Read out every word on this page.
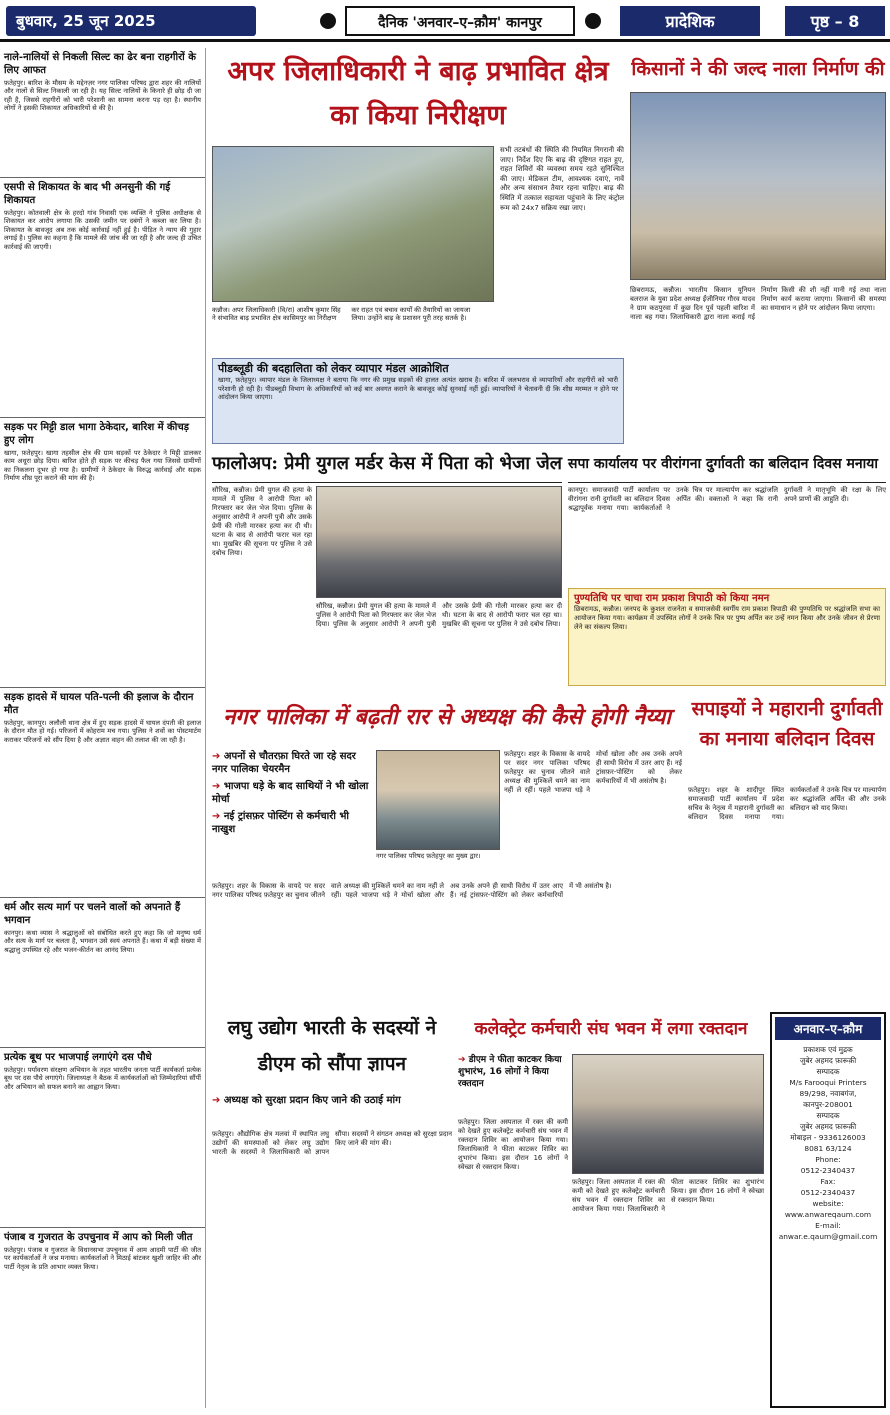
बुधवार, 25 जून 2025	दैनिक 'अनवार–ए–क़ौम' कानपुर	प्रादेशिक	पृष्ठ – 8
नाले-नालियों से निकली सिल्ट का ढेर बना राहगीरों के लिए आफत

फ़तेहपुर। बारिश के मौसम के मद्देनज़र नगर पालिका परिषद द्वारा शहर की नालियों और नालों से सिल्ट निकाली जा रही है। यह सिल्ट नालियों के किनारे ही छोड़ दी जा रही है, जिससे राहगीरों को भारी परेशानी का सामना करना पड़ रहा है। स्थानीय लोगों ने इसकी शिकायत अधिकारियों से की है।

एसपी से शिकायत के बाद भी अनसुनी की गई शिकायत

फ़तेहपुर। कोतवाली क्षेत्र के हरदो गांव निवासी एक व्यक्ति ने पुलिस अधीक्षक से शिकायत कर आरोप लगाया कि उसकी जमीन पर दबंगों ने कब्जा कर लिया है। शिकायत के बावजूद अब तक कोई कार्रवाई नहीं हुई है। पीड़ित ने न्याय की गुहार लगाई है। पुलिस का कहना है कि मामले की जांच की जा रही है और जल्द ही उचित कार्रवाई की जाएगी।

सड़क पर मिट्टी डाल भागा ठेकेदार, बारिश में कीचड़ हुए लोग

खागा, फ़तेहपुर। खागा तहसील क्षेत्र की ग्राम सड़कों पर ठेकेदार ने मिट्टी डालकर काम अधूरा छोड़ दिया। बारिश होते ही सड़क पर कीचड़ फैल गया जिससे ग्रामीणों का निकलना दूभर हो गया है। ग्रामीणों ने ठेकेदार के विरुद्ध कार्रवाई और सड़क निर्माण शीघ्र पूरा कराने की मांग की है।

सड़क हादसे में घायल पति-पत्नी की इलाज के दौरान मौत

फ़तेहपुर, कानपुर। ललौली थाना क्षेत्र में हुए सड़क हादसे में घायल दंपती की इलाज के दौरान मौत हो गई। परिजनों में कोहराम मच गया। पुलिस ने शवों का पोस्टमार्टम कराकर परिजनों को सौंप दिया है और अज्ञात वाहन की तलाश की जा रही है।

धर्म और सत्य मार्ग पर चलने वालों को अपनाते हैं भगवान

कानपुर। कथा व्यास ने श्रद्धालुओं को संबोधित करते हुए कहा कि जो मनुष्य धर्म और सत्य के मार्ग पर चलता है, भगवान उसे स्वयं अपनाते हैं। कथा में बड़ी संख्या में श्रद्धालु उपस्थित रहे और भजन-कीर्तन का आनंद लिया।

प्रत्येक बूथ पर भाजपाई लगाएंगे दस पौधे

फ़तेहपुर। पर्यावरण संरक्षण अभियान के तहत भारतीय जनता पार्टी कार्यकर्ता प्रत्येक बूथ पर दस पौधे लगाएंगे। जिलाध्यक्ष ने बैठक में कार्यकर्ताओं को जिम्मेदारियां सौंपीं और अभियान को सफल बनाने का आह्वान किया।

पंजाब व गुजरात के उपचुनाव में आप को मिली जीत

फ़तेहपुर। पंजाब व गुजरात के विधानसभा उपचुनाव में आम आदमी पार्टी की जीत पर कार्यकर्ताओं ने जश्न मनाया। कार्यकर्ताओं ने मिठाई बांटकर खुशी जाहिर की और पार्टी नेतृत्व के प्रति आभार व्यक्त किया।

अपर जिलाधिकारी ने बाढ़ प्रभावित क्षेत्र का किया निरीक्षण
सभी तटबंधों की स्थिति की नियमित निगरानी की जाए। निर्देश दिए कि बाढ़ की दृष्टिगत राहत हुए, राहत शिविरों की व्यवस्था समय रहते सुनिश्चित की जाए। मेडिकल टीम, आवश्यक दवाएं, नावें और अन्य संसाधन तैयार रहना चाहिए। बाढ़ की स्थिति में तत्काल सहायता पहुंचाने के लिए कंट्रोल रूम को 24x7 सक्रिय रखा जाए।
कन्नौज। अपर जिलाधिकारी (वि/रा) आशीष कुमार सिंह ने संभावित बाढ़ प्रभावित क्षेत्र कासिमपुर का निरीक्षण कर राहत एवं बचाव कार्यों की तैयारियों का जायजा लिया। उन्होंने बाढ़ के प्रशासन पूरी तरह सतर्क है।
किसानों ने की जल्द नाला निर्माण की
छिबरामऊ, कन्नौज। भारतीय किसान यूनियन बलराज के युवा प्रदेश अध्यक्ष ईंजीनियर गौरव यादव ने ग्राम कठपुरवा में कुछ दिन पूर्व पहली बारिश में नाला बह गया। जिलाधिकारी द्वारा नाला कराई गई निर्माण किसी की शी नहीं मानी गई तथा नाला निर्माण कार्य कराया जाएगा। किसानों की समस्या का समाधान न होने पर आंदोलन किया जाएगा।
पीडब्लूडी की बदहालिता को लेकर व्यापार मंडल आक्रोशित
खागा, फ़तेहपुर। व्यापार मंडल के जिलाध्यक्ष ने बताया कि नगर की प्रमुख सड़कों की हालत अत्यंत खराब है। बारिश में जलभराव से व्यापारियों और राहगीरों को भारी परेशानी हो रही है। पीडब्लूडी विभाग के अधिकारियों को कई बार अवगत कराने के बावजूद कोई सुनवाई नहीं हुई। व्यापारियों ने चेतावनी दी कि शीघ्र मरम्मत न होने पर आंदोलन किया जाएगा।
फालोअप: प्रेमी युगल मर्डर केस में पिता को भेजा जेल
सौरिख, कन्नौज। प्रेमी युगल की हत्या के मामले में पुलिस ने आरोपी पिता को गिरफ्तार कर जेल भेज दिया। पुलिस के अनुसार आरोपी ने अपनी पुत्री और उसके प्रेमी की गोली मारकर हत्या कर दी थी। घटना के बाद से आरोपी फरार चल रहा था। मुखबिर की सूचना पर पुलिस ने उसे दबोच लिया।
सौरिख, कन्नौज। प्रेमी युगल की हत्या के मामले में पुलिस ने आरोपी पिता को गिरफ्तार कर जेल भेज दिया। पुलिस के अनुसार आरोपी ने अपनी पुत्री और उसके प्रेमी की गोली मारकर हत्या कर दी थी। घटना के बाद से आरोपी फरार चल रहा था। मुखबिर की सूचना पर पुलिस ने उसे दबोच लिया।
सपा कार्यालय पर वीरांगना दुर्गावती का बलिदान दिवस मनाया
कानपुर। समाजवादी पार्टी कार्यालय पर वीरांगना रानी दुर्गावती का बलिदान दिवस श्रद्धापूर्वक मनाया गया। कार्यकर्ताओं ने उनके चित्र पर माल्यार्पण कर श्रद्धांजलि अर्पित की। वक्ताओं ने कहा कि रानी दुर्गावती ने मातृभूमि की रक्षा के लिए अपने प्राणों की आहुति दी।
पुण्यतिथि पर चाचा राम प्रकाश त्रिपाठी को किया नमन
छिबरामऊ, कन्नौज। जनपद के कुशल राजनेता व समाजसेवी स्वर्गीय राम प्रकाश त्रिपाठी की पुण्यतिथि पर श्रद्धांजलि सभा का आयोजन किया गया। कार्यक्रम में उपस्थित लोगों ने उनके चित्र पर पुष्प अर्पित कर उन्हें नमन किया और उनके जीवन से प्रेरणा लेने का संकल्प लिया।
नगर पालिका में बढ़ती रार से अध्यक्ष की कैसे होगी नैय्या
➔ अपनों से चौतरफ़ा घिरते जा रहे सदर नगर पालिका चेयरमैन
➔ भाजपा धड़े के बाद साथियों ने भी खोला मोर्चा
➔ नई ट्रांसफ़र पोस्टिंग से कर्मचारी भी नाखुश
नगर पालिका परिषद फ़तेहपुर का मुख्य द्वार।
फ़तेहपुर। शहर के विकास के वायदे पर सदर नगर पालिका परिषद फ़तेहपुर का चुनाव जीतने वाले अध्यक्ष की मुश्किलें थमने का नाम नहीं ले रहीं। पहले भाजपा धड़े ने मोर्चा खोला और अब उनके अपने ही साथी विरोध में उतर आए हैं। नई ट्रांसफ़र-पोस्टिंग को लेकर कर्मचारियों में भी असंतोष है।
फ़तेहपुर। शहर के विकास के वायदे पर सदर नगर पालिका परिषद फ़तेहपुर का चुनाव जीतने वाले अध्यक्ष की मुश्किलें थमने का नाम नहीं ले रहीं। पहले भाजपा धड़े ने मोर्चा खोला और अब उनके अपने ही साथी विरोध में उतर आए हैं। नई ट्रांसफ़र-पोस्टिंग को लेकर कर्मचारियों में भी असंतोष है।
सपाइयों ने महारानी दुर्गावती का मनाया बलिदान दिवस
फ़तेहपुर। शहर के शादीपुर स्थित समाजवादी पार्टी कार्यालय में प्रदेश सचिव के नेतृत्व में महारानी दुर्गावती का बलिदान दिवस मनाया गया। कार्यकर्ताओं ने उनके चित्र पर माल्यार्पण कर श्रद्धांजलि अर्पित की और उनके बलिदान को याद किया।
लघु उद्योग भारती के सदस्यों ने डीएम को सौंपा ज्ञापन
➔ अध्यक्ष को सुरक्षा प्रदान किए जाने की उठाई मांग
फ़तेहपुर। औद्योगिक क्षेत्र मलवां में स्थापित लघु उद्योगों की समस्याओं को लेकर लघु उद्योग भारती के सदस्यों ने जिलाधिकारी को ज्ञापन सौंपा। सदस्यों ने संगठन अध्यक्ष को सुरक्षा प्रदान किए जाने की मांग की।
कलेक्ट्रेट कर्मचारी संघ भवन में लगा रक्तदान
➔ डीएम ने फीता काटकर किया शुभारंभ, 16 लोगों ने किया रक्तदान
फ़तेहपुर। जिला अस्पताल में रक्त की कमी को देखते हुए कलेक्ट्रेट कर्मचारी संघ भवन में रक्तदान शिविर का आयोजन किया गया। जिलाधिकारी ने फीता काटकर शिविर का शुभारंभ किया। इस दौरान 16 लोगों ने स्वेच्छा से रक्तदान किया।
फ़तेहपुर। जिला अस्पताल में रक्त की कमी को देखते हुए कलेक्ट्रेट कर्मचारी संघ भवन में रक्तदान शिविर का आयोजन किया गया। जिलाधिकारी ने फीता काटकर शिविर का शुभारंभ किया। इस दौरान 16 लोगों ने स्वेच्छा से रक्तदान किया।
अनवार–ए–क़ौम
प्रकाशक एवं मुद्रक
जुबेर अहमद फ़ारूक़ी
सम्पादक
M/s Farooqui Printers
89/298, नवाबगंज, कानपुर-208001
सम्पादक
जुबेर अहमद फ़ारूक़ी
मोबाइल - 9336126003
8081 63/124
Phone:
0512-2340437
Fax:
0512-2340437
website:
www.anwareqaum.com
E-mail:
anwar.e.qaum@gmail.com
